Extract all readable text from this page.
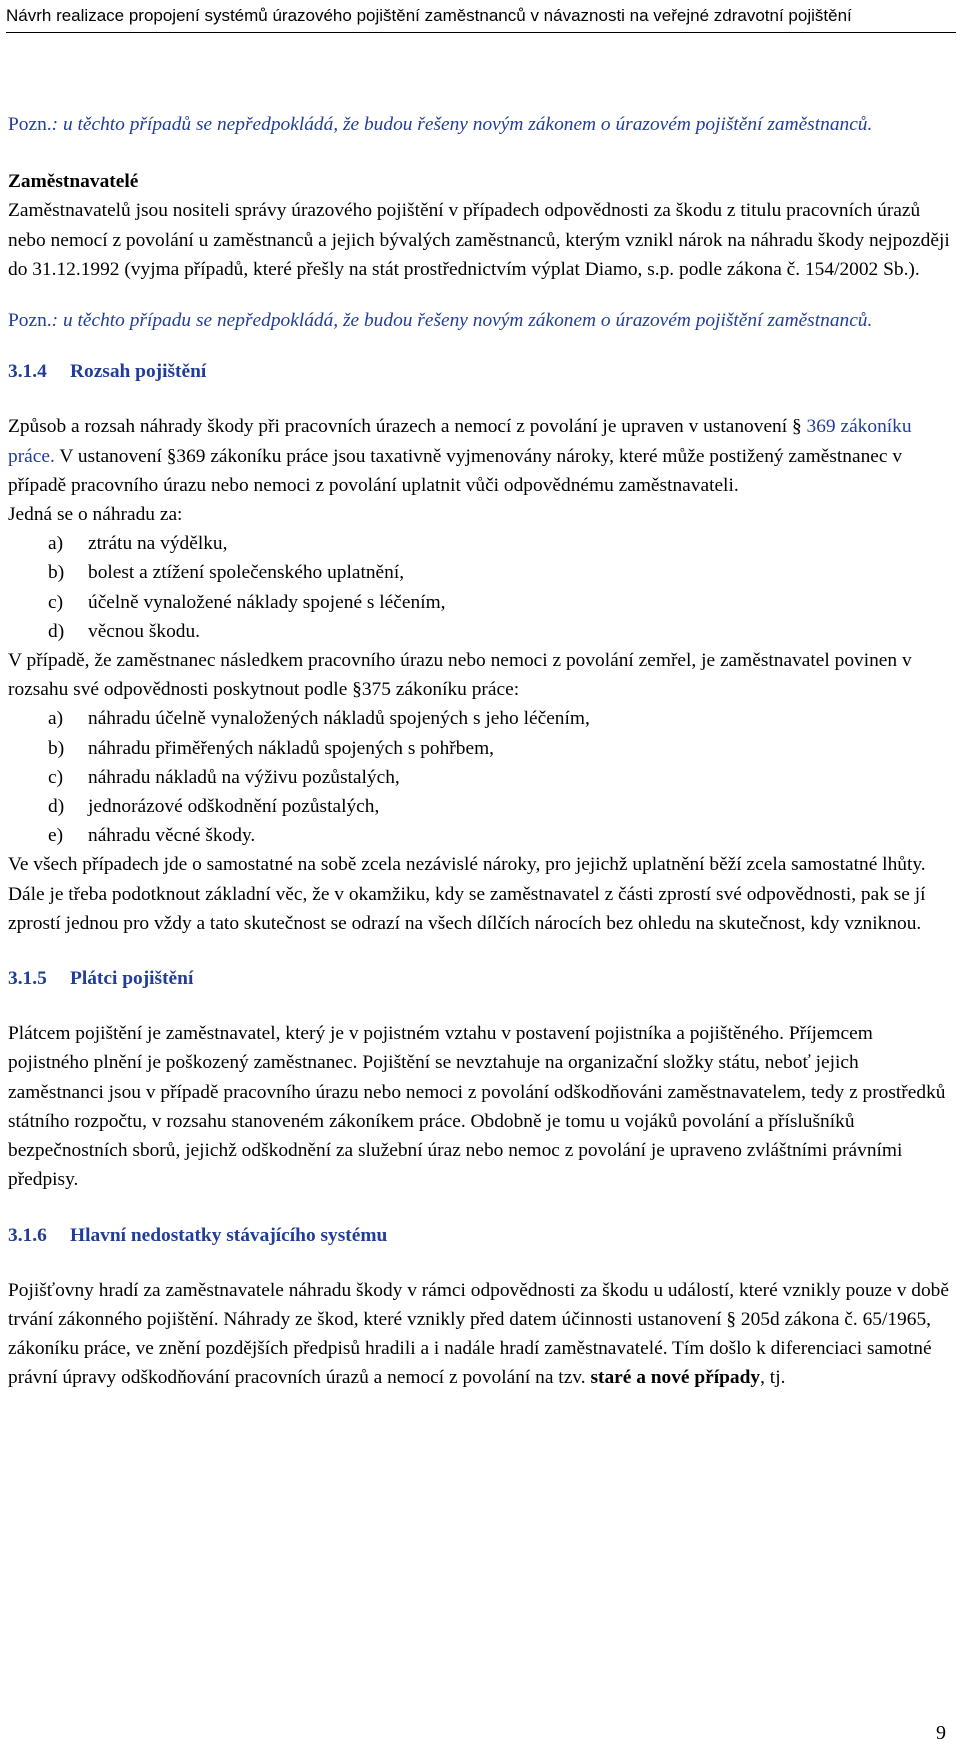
Návrh realizace propojení systémů úrazového pojištění zaměstnanců v návaznosti na veřejné zdravotní pojištění

Pozn.: u těchto případů se nepředpokládá, že budou řešeny novým zákonem o úrazovém pojištění zaměstnanců.

Zaměstnavatelé

Zaměstnavatelů jsou nositeli správy úrazového pojištění v případech odpovědnosti za škodu z titulu pracovních úrazů nebo nemocí z povolání u zaměstnanců a jejich bývalých zaměstnanců, kterým vznikl nárok na náhradu škody nejpozději do 31.12.1992 (vyjma případů, které přešly na stát prostřednictvím výplat Diamo, s.p. podle zákona č. 154/2002 Sb.).

Pozn.: u těchto případu se nepředpokládá, že budou řešeny novým zákonem o úrazovém pojištění zaměstnanců.

3.1.4 Rozsah pojištění

Způsob a rozsah náhrady škody při pracovních úrazech a nemocí z povolání je upraven v ustanovení § 369 zákoníku práce. V ustanovení §369 zákoníku práce jsou taxativně vyjmenovány nároky, které může postižený zaměstnanec v případě pracovního úrazu nebo nemoci z povolání uplatnit vůči odpovědnému zaměstnavateli.

Jedná se o náhradu za:

a) ztrátu na výdělku,
b) bolest a ztížení společenského uplatnění,
c) účelně vynaložené náklady spojené s léčením,
d) věcnou škodu.

V případě, že zaměstnanec následkem pracovního úrazu nebo nemoci z povolání zemřel, je zaměstnavatel povinen v rozsahu své odpovědnosti poskytnout podle §375 zákoníku práce:

a) náhradu účelně vynaložených nákladů spojených s jeho léčením,
b) náhradu přiměřených nákladů spojených s pohřbem,
c) náhradu nákladů na výživu pozůstalých,
d) jednorázové odškodnění pozůstalých,
e) náhradu věcné škody.

Ve všech případech jde o samostatné na sobě zcela nezávislé nároky, pro jejichž uplatnění běží zcela samostatné lhůty.

Dále je třeba podotknout základní věc, že v okamžiku, kdy se zaměstnavatel z části zprostí své odpovědnosti, pak se jí zprostí jednou pro vždy a tato skutečnost se odrazí na všech dílčích nárocích bez ohledu na skutečnost, kdy vzniknou.

3.1.5 Plátci pojištění

Plátcem pojištění je zaměstnavatel, který je v pojistném vztahu v postavení pojistníka a pojištěného. Příjemcem pojistného plnění je poškozený zaměstnanec. Pojištění se nevztahuje na organizační složky státu, neboť jejich zaměstnanci jsou v případě pracovního úrazu nebo nemoci z povolání odškodňováni zaměstnavatelem, tedy z prostředků státního rozpočtu, v rozsahu stanoveném zákoníkem práce. Obdobně je tomu u vojáků povolání a příslušníků bezpečnostních sborů, jejichž odškodnění za služební úraz nebo nemoc z povolání je upraveno zvláštními právními předpisy.

3.1.6 Hlavní nedostatky stávajícího systému

Pojišťovny hradí za zaměstnavatele náhradu škody v rámci odpovědnosti za škodu u událostí, které vznikly pouze v době trvání zákonného pojištění. Náhrady ze škod, které vznikly před datem účinnosti ustanovení § 205d zákona č. 65/1965, zákoníku práce, ve znění pozdějších předpisů hradili a i nadále hradí zaměstnavatelé. Tím došlo k diferenciaci samotné právní úpravy odškodňování pracovních úrazů a nemocí z povolání na tzv. staré a nové případy, tj.

9
